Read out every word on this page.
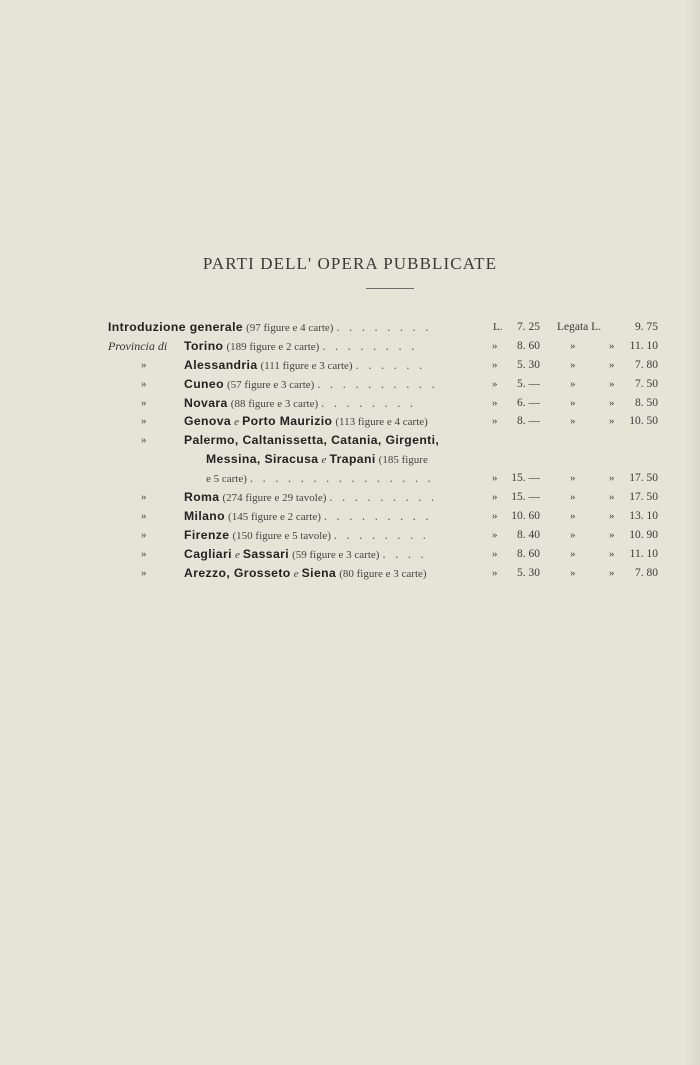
PARTI DELL' OPERA PUBBLICATE
Introduzione generale (97 figure e 4 carte) . . . . . . . .	L.	7. 25 Legata L.	9. 75
Provincia di Torino (189 figure e 2 carte) . . . . . . . .	»	8. 60	»	»	11. 10
»	Alessandria (111 figure e 3 carte) . . . . . .	»	5. 30	»	»	7. 80
»	Cuneo (57 figure e 3 carte) . . . . . . . . . .	»	5. —	»	»	7. 50
»	Novara (88 figure e 3 carte) . . . . . . . .	»	6. —	»	»	8. 50
»	Genova e Porto Maurizio (113 figure e 4 carte)	»	8. —	»	»	10. 50
»	Palermo, Caltanissetta, Catania, Girgenti,
Messina, Siracusa e Trapani (185 figure
e 5 carte) . . . . . . . . . . . . . . .	»	15. —	»	»	17. 50
»	Roma (274 figure e 29 tavole) . . . . . . . . .	»	15. —	»	»	17. 50
»	Milano (145 figure e 2 carte) . . . . . . . . .	»	10. 60	»	»	13. 10
»	Firenze (150 figure e 5 tavole) . . . . . . . .	»	8. 40	»	»	10. 90
»	Cagliari e Sassari (59 figure e 3 carte) . . . .	»	8. 60	»	»	11. 10
»	Arezzo, Grosseto e Siena (80 figure e 3 carte)	»	5. 30	»	»	7. 80
